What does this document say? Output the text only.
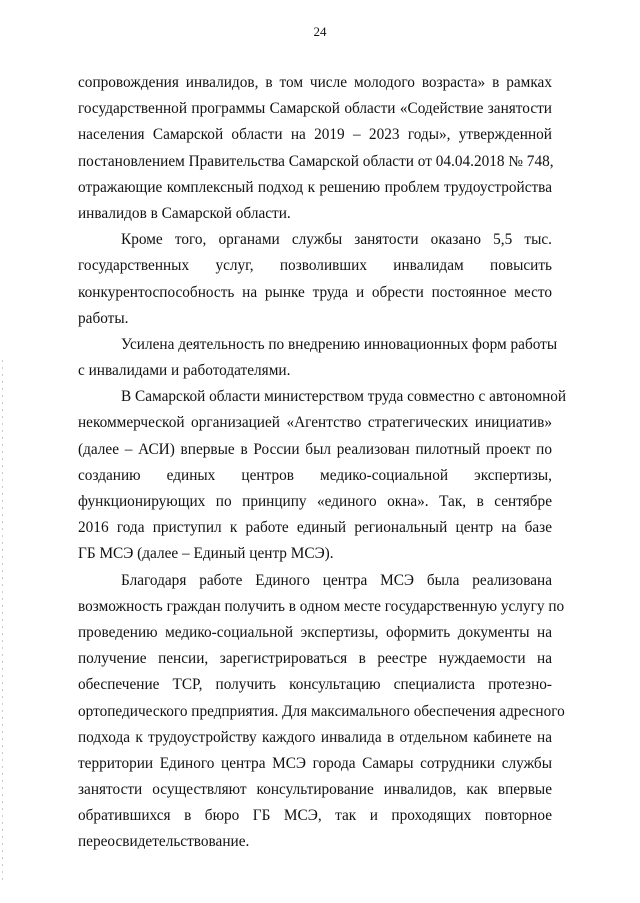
24
сопровождения инвалидов, в том числе молодого возраста» в рамках
государственной программы Самарской области «Содействие занятости
населения Самарской области на 2019 – 2023 годы», утвержденной
постановлением Правительства Самарской области от 04.04.2018 № 748,
отражающие комплексный подход к решению проблем трудоустройства
инвалидов в Самарской области.
Кроме того, органами службы занятости оказано 5,5 тыс.
государственных услуг, позволивших инвалидам повысить
конкурентоспособность на рынке труда и обрести постоянное место
работы.
Усилена деятельность по внедрению инновационных форм работы
с инвалидами и работодателями.
В Самарской области министерством труда совместно с автономной
некоммерческой организацией «Агентство стратегических инициатив»
(далее – АСИ) впервые в России был реализован пилотный проект по
созданию единых центров медико-социальной экспертизы,
функционирующих по принципу «единого окна». Так, в сентябре
2016 года приступил к работе единый региональный центр на базе
ГБ МСЭ (далее – Единый центр МСЭ).
Благодаря работе Единого центра МСЭ была реализована
возможность граждан получить в одном месте государственную услугу по
проведению медико-социальной экспертизы, оформить документы на
получение пенсии, зарегистрироваться в реестре нуждаемости на
обеспечение ТСР, получить консультацию специалиста протезно-
ортопедического предприятия. Для максимального обеспечения адресного
подхода к трудоустройству каждого инвалида в отдельном кабинете на
территории Единого центра МСЭ города Самары сотрудники службы
занятости осуществляют консультирование инвалидов, как впервые
обратившихся в бюро ГБ МСЭ, так и проходящих повторное
переосвидетельствование.
